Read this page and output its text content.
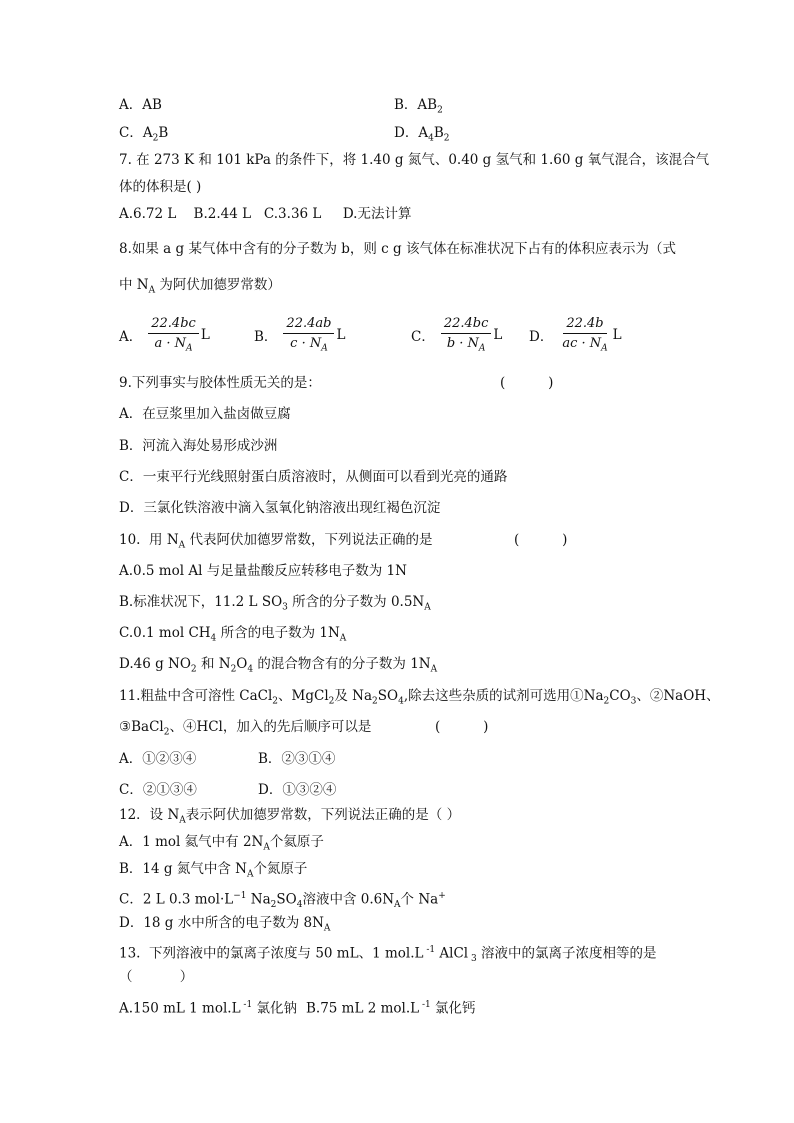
A．AB	B．$AB_2$
C．$A_2B$	D．$A_4B_2$
7. 在 273 K 和 101 kPa 的条件下，将 1.40 g 氮气、0.40 g 氢气和 1.60 g 氧气混合，该混合气
体的体积是( )
A.6.72 L    B.2.44 L   C.3.36 L     D.无法计算
8.如果 a g 某气体中含有的分子数为 b，则 c g 该气体在标准状况下占有的体积应表示为（式
中 $N_A$ 为阿伏加德罗常数）
A． $\frac{22.4bc}{a \cdot N_A}$ L	B． $\frac{22.4ab}{c \cdot N_A}$ L	C． $\frac{22.4bc}{b \cdot N_A}$ L D． $\frac{22.4b}{ac \cdot N_A}$ L
9.下列事实与胶体性质无关的是：	(          )
A．在豆浆里加入盐卤做豆腐
B．河流入海处易形成沙洲
C．一束平行光线照射蛋白质溶液时，从侧面可以看到光亮的通路
D．三氯化铁溶液中滴入氢氧化钠溶液出现红褐色沉淀
10.  用 $N_A$ 代表阿伏加德罗常数，下列说法正确的是	(          )
A.0.5 mol Al 与足量盐酸反应转移电子数为 1N
B.标准状况下，11.2 L $SO_3$ 所含的分子数为 $0.5N_A$
C.0.1 mol $CH_4$ 所含的电子数为 $1N_A$
D.46 g $NO_2$ 和 $N_2O_4$ 的混合物含有的分子数为 $1N_A$
11.粗盐中含可溶性 CaCl$_2$、MgCl$_2$及 $Na_2SO_4$,除去这些杂质的试剂可选用$①Na_2CO_3$、②NaOH、
③BaCl$_2$、④HCl，加入的先后顺序可以是	(          )
A．①②③④	B．②③①④
C．②①③④	D．①③②④
12．设 $N_A$表示阿伏加德罗常数，下列说法正确的是（ ）
A．1 mol 氦气中有 $2N_A$个氦原子
B．14 g 氮气中含 $N_A$个氮原子
C．2 L 0.3 $mol\cdot L^{-1}$ $Na_2SO_4$溶液中含 $0.6N_A$个 Na+
D．18 g 水中所含的电子数为 $8N_A$
13.  下列溶液中的氯离子浓度与 50 mL、1 mol.L $^{-1}$ AlCl $_3$ 溶液中的氯离子浓度相等的是
（           ）
A.150 mL 1 mol.L $^{-1}$ 氯化钠 B.75 mL 2 mol.L $^{-1}$ 氯化钙
